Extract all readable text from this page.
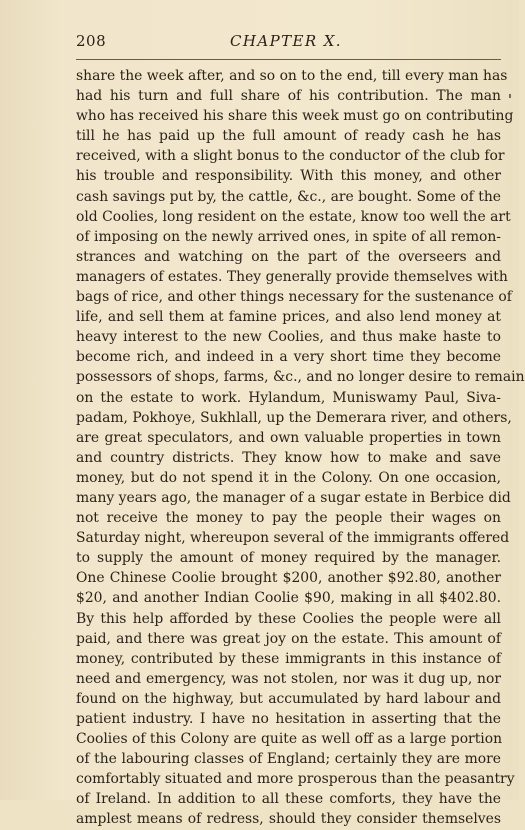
208	CHAPTER X.
share the week after, and so on to the end, till every man has
had his turn and full share of his contribution. The man
who has received his share this week must go on contributing
till he has paid up the full amount of ready cash he has
received, with a slight bonus to the conductor of the club for
his trouble and responsibility. With this money, and other
cash savings put by, the cattle, &c., are bought. Some of the
old Coolies, long resident on the estate, know too well the art
of imposing on the newly arrived ones, in spite of all remon-
strances and watching on the part of the overseers and
managers of estates. They generally provide themselves with
bags of rice, and other things necessary for the sustenance of
life, and sell them at famine prices, and also lend money at
heavy interest to the new Coolies, and thus make haste to
become rich, and indeed in a very short time they become
possessors of shops, farms, &c., and no longer desire to remain
on the estate to work. Hylandum, Muniswamy Paul, Siva-
padam, Pokhoye, Sukhlall, up the Demerara river, and others,
are great speculators, and own valuable properties in town
and country districts. They know how to make and save
money, but do not spend it in the Colony. On one occasion,
many years ago, the manager of a sugar estate in Berbice did
not receive the money to pay the people their wages on
Saturday night, whereupon several of the immigrants offered
to supply the amount of money required by the manager.
One Chinese Coolie brought $200, another $92.80, another
$20, and another Indian Coolie $90, making in all $402.80.
By this help afforded by these Coolies the people were all
paid, and there was great joy on the estate. This amount of
money, contributed by these immigrants in this instance of
need and emergency, was not stolen, nor was it dug up, nor
found on the highway, but accumulated by hard labour and
patient industry. I have no hesitation in asserting that the
Coolies of this Colony are quite as well off as a large portion
of the labouring classes of England; certainly they are more
comfortably situated and more prosperous than the peasantry
of Ireland. In addition to all these comforts, they have the
amplest means of redress, should they consider themselves
